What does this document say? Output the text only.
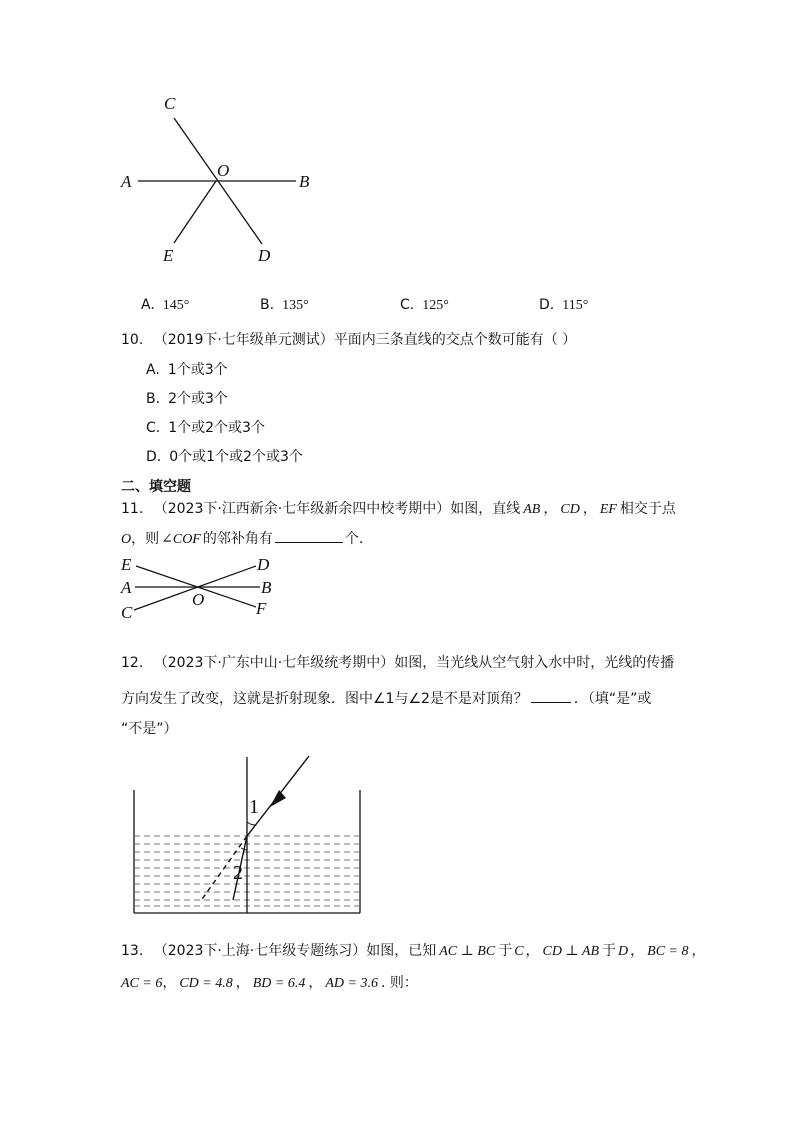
C
O
A	B
E	D
A. 145°	B. 135°	C. 125°	D. 115°
10. （2019下·七年级单元测试）平面内三条直线的交点个数可能有（ ）
A. 1个或3个
B. 2个或3个
C. 1个或2个或3个
D. 0个或1个或2个或3个
二、填空题
11. （2023下·江西新余·七年级新余四中校考期中）如图，直线 AB ， CD ， EF 相交于点
O，则 ∠COF 的邻补角有	个.
E	D
A	B
O
C	F
12. （2023下·广东中山·七年级统考期中）如图，当光线从空气射入水中时，光线的传播
方向发生了改变，这就是折射现象．图中∠1与∠2是不是对顶角？	．（填“是”或
“不是”）
1
2
13. （2023下·上海·七年级专题练习）如图，已知 AC ⊥ BC 于 C ， CD ⊥ AB 于 D ， BC = 8 ，
AC = 6， CD = 4.8 ， BD = 6.4 ， AD = 3.6 . 则：
